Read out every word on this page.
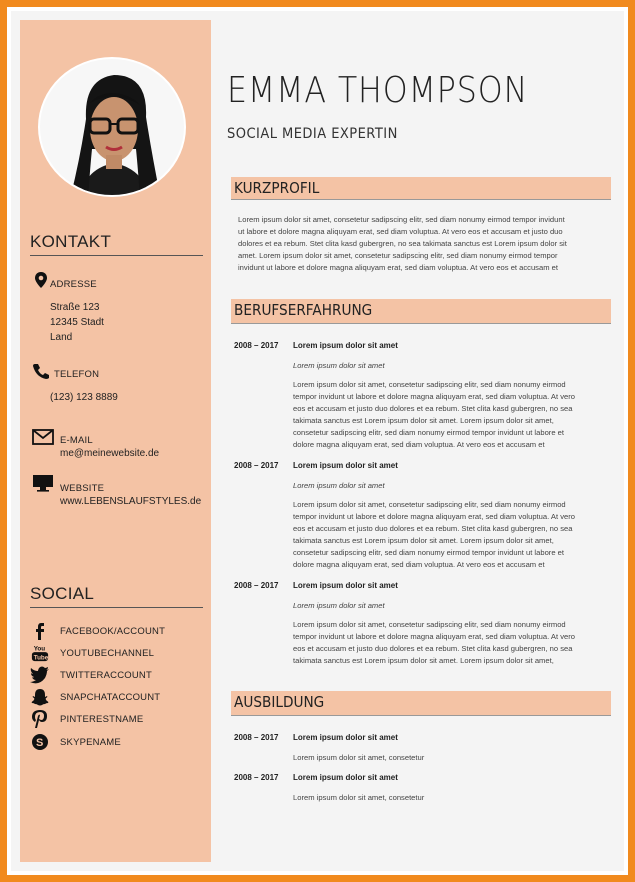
KONTAKT
ADRESSE
Straße 123
12345 Stadt
Land
TELEFON
(123) 123 8889
E-MAIL
me@meinewebsite.de
WEBSITE
www.LEBENSLAUFSTYLES.de
SOCIAL
FACEBOOK/ACCOUNT
You
Tube YOUTUBECHANNEL
TWITTERACCOUNT
SNAPCHATACCOUNT
PINTERESTNAME
S SKYPENAME
EMMA THOMPSON
SOCIAL MEDIA EXPERTIN
KURZPROFIL
Lorem ipsum dolor sit amet, consetetur sadipscing elitr, sed diam nonumy eirmod tempor invidunt
ut labore et dolore magna aliquyam erat, sed diam voluptua. At vero eos et accusam et justo duo
dolores et ea rebum. Stet clita kasd gubergren, no sea takimata sanctus est Lorem ipsum dolor sit
amet. Lorem ipsum dolor sit amet, consetetur sadipscing elitr, sed diam nonumy eirmod tempor
invidunt ut labore et dolore magna aliquyam erat, sed diam voluptua. At vero eos et accusam et
BERUFSERFAHRUNG
2008 – 2017 Lorem ipsum dolor sit amet
Lorem ipsum dolor sit amet
Lorem ipsum dolor sit amet, consetetur sadipscing elitr, sed diam nonumy eirmod
tempor invidunt ut labore et dolore magna aliquyam erat, sed diam voluptua. At vero
eos et accusam et justo duo dolores et ea rebum. Stet clita kasd gubergren, no sea
takimata sanctus est Lorem ipsum dolor sit amet. Lorem ipsum dolor sit amet,
consetetur sadipscing elitr, sed diam nonumy eirmod tempor invidunt ut labore et
dolore magna aliquyam erat, sed diam voluptua. At vero eos et accusam et
2008 – 2017 Lorem ipsum dolor sit amet
Lorem ipsum dolor sit amet
Lorem ipsum dolor sit amet, consetetur sadipscing elitr, sed diam nonumy eirmod
tempor invidunt ut labore et dolore magna aliquyam erat, sed diam voluptua. At vero
eos et accusam et justo duo dolores et ea rebum. Stet clita kasd gubergren, no sea
takimata sanctus est Lorem ipsum dolor sit amet. Lorem ipsum dolor sit amet,
consetetur sadipscing elitr, sed diam nonumy eirmod tempor invidunt ut labore et
dolore magna aliquyam erat, sed diam voluptua. At vero eos et accusam et
2008 – 2017 Lorem ipsum dolor sit amet
Lorem ipsum dolor sit amet
Lorem ipsum dolor sit amet, consetetur sadipscing elitr, sed diam nonumy eirmod
tempor invidunt ut labore et dolore magna aliquyam erat, sed diam voluptua. At vero
eos et accusam et justo duo dolores et ea rebum. Stet clita kasd gubergren, no sea
takimata sanctus est Lorem ipsum dolor sit amet. Lorem ipsum dolor sit amet,
AUSBILDUNG
2008 – 2017 Lorem ipsum dolor sit amet
Lorem ipsum dolor sit amet, consetetur
2008 – 2017 Lorem ipsum dolor sit amet
Lorem ipsum dolor sit amet, consetetur
